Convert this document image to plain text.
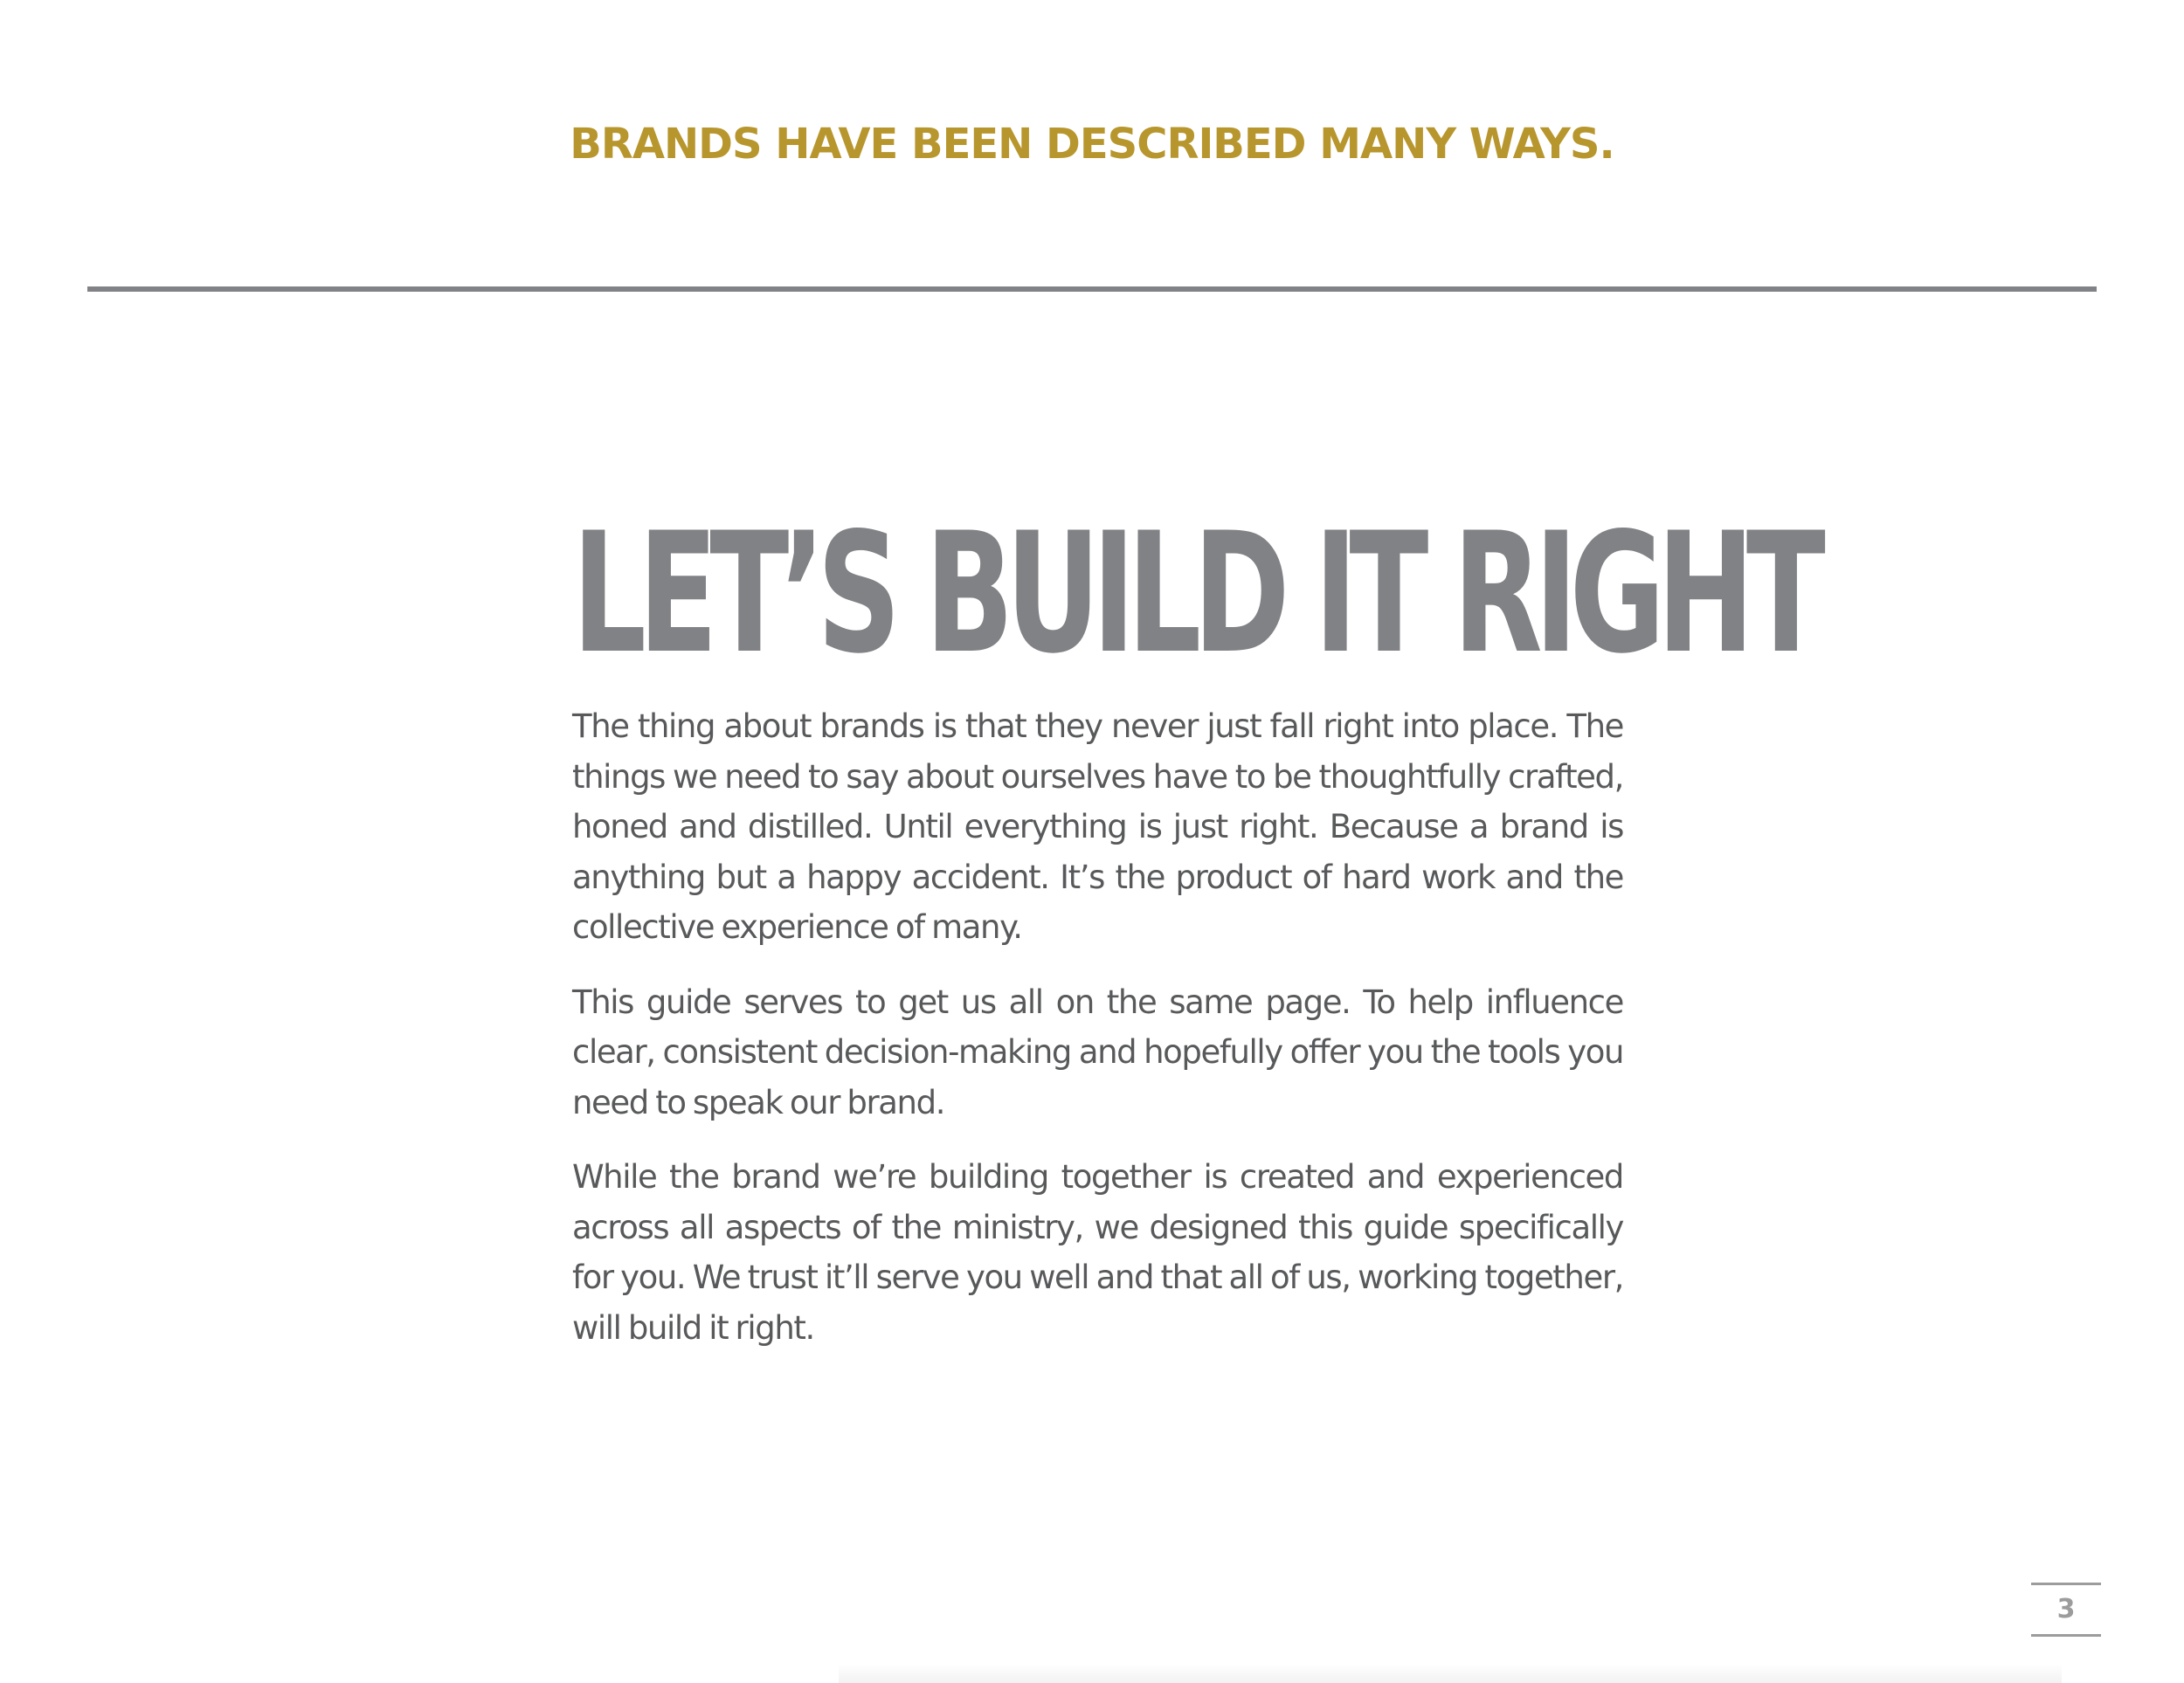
BRANDS HAVE BEEN DESCRIBED MANY WAYS.
LET’S BUILD IT RIGHT

The thing about brands is that they never just fall right into place. The things we need to say about ourselves have to be thoughtfully crafted, honed and distilled. Until everything is just right. Because a brand is anything but a happy accident. It’s the product of hard work and the collective experience of many.

This guide serves to get us all on the same page. To help influence clear, consistent decision-making and hopefully offer you the tools you need to speak our brand.

While the brand we’re building together is created and experienced across all aspects of the ministry, we designed this guide specifically for you. We trust it’ll serve you well and that all of us, working together, will build it right.

3
